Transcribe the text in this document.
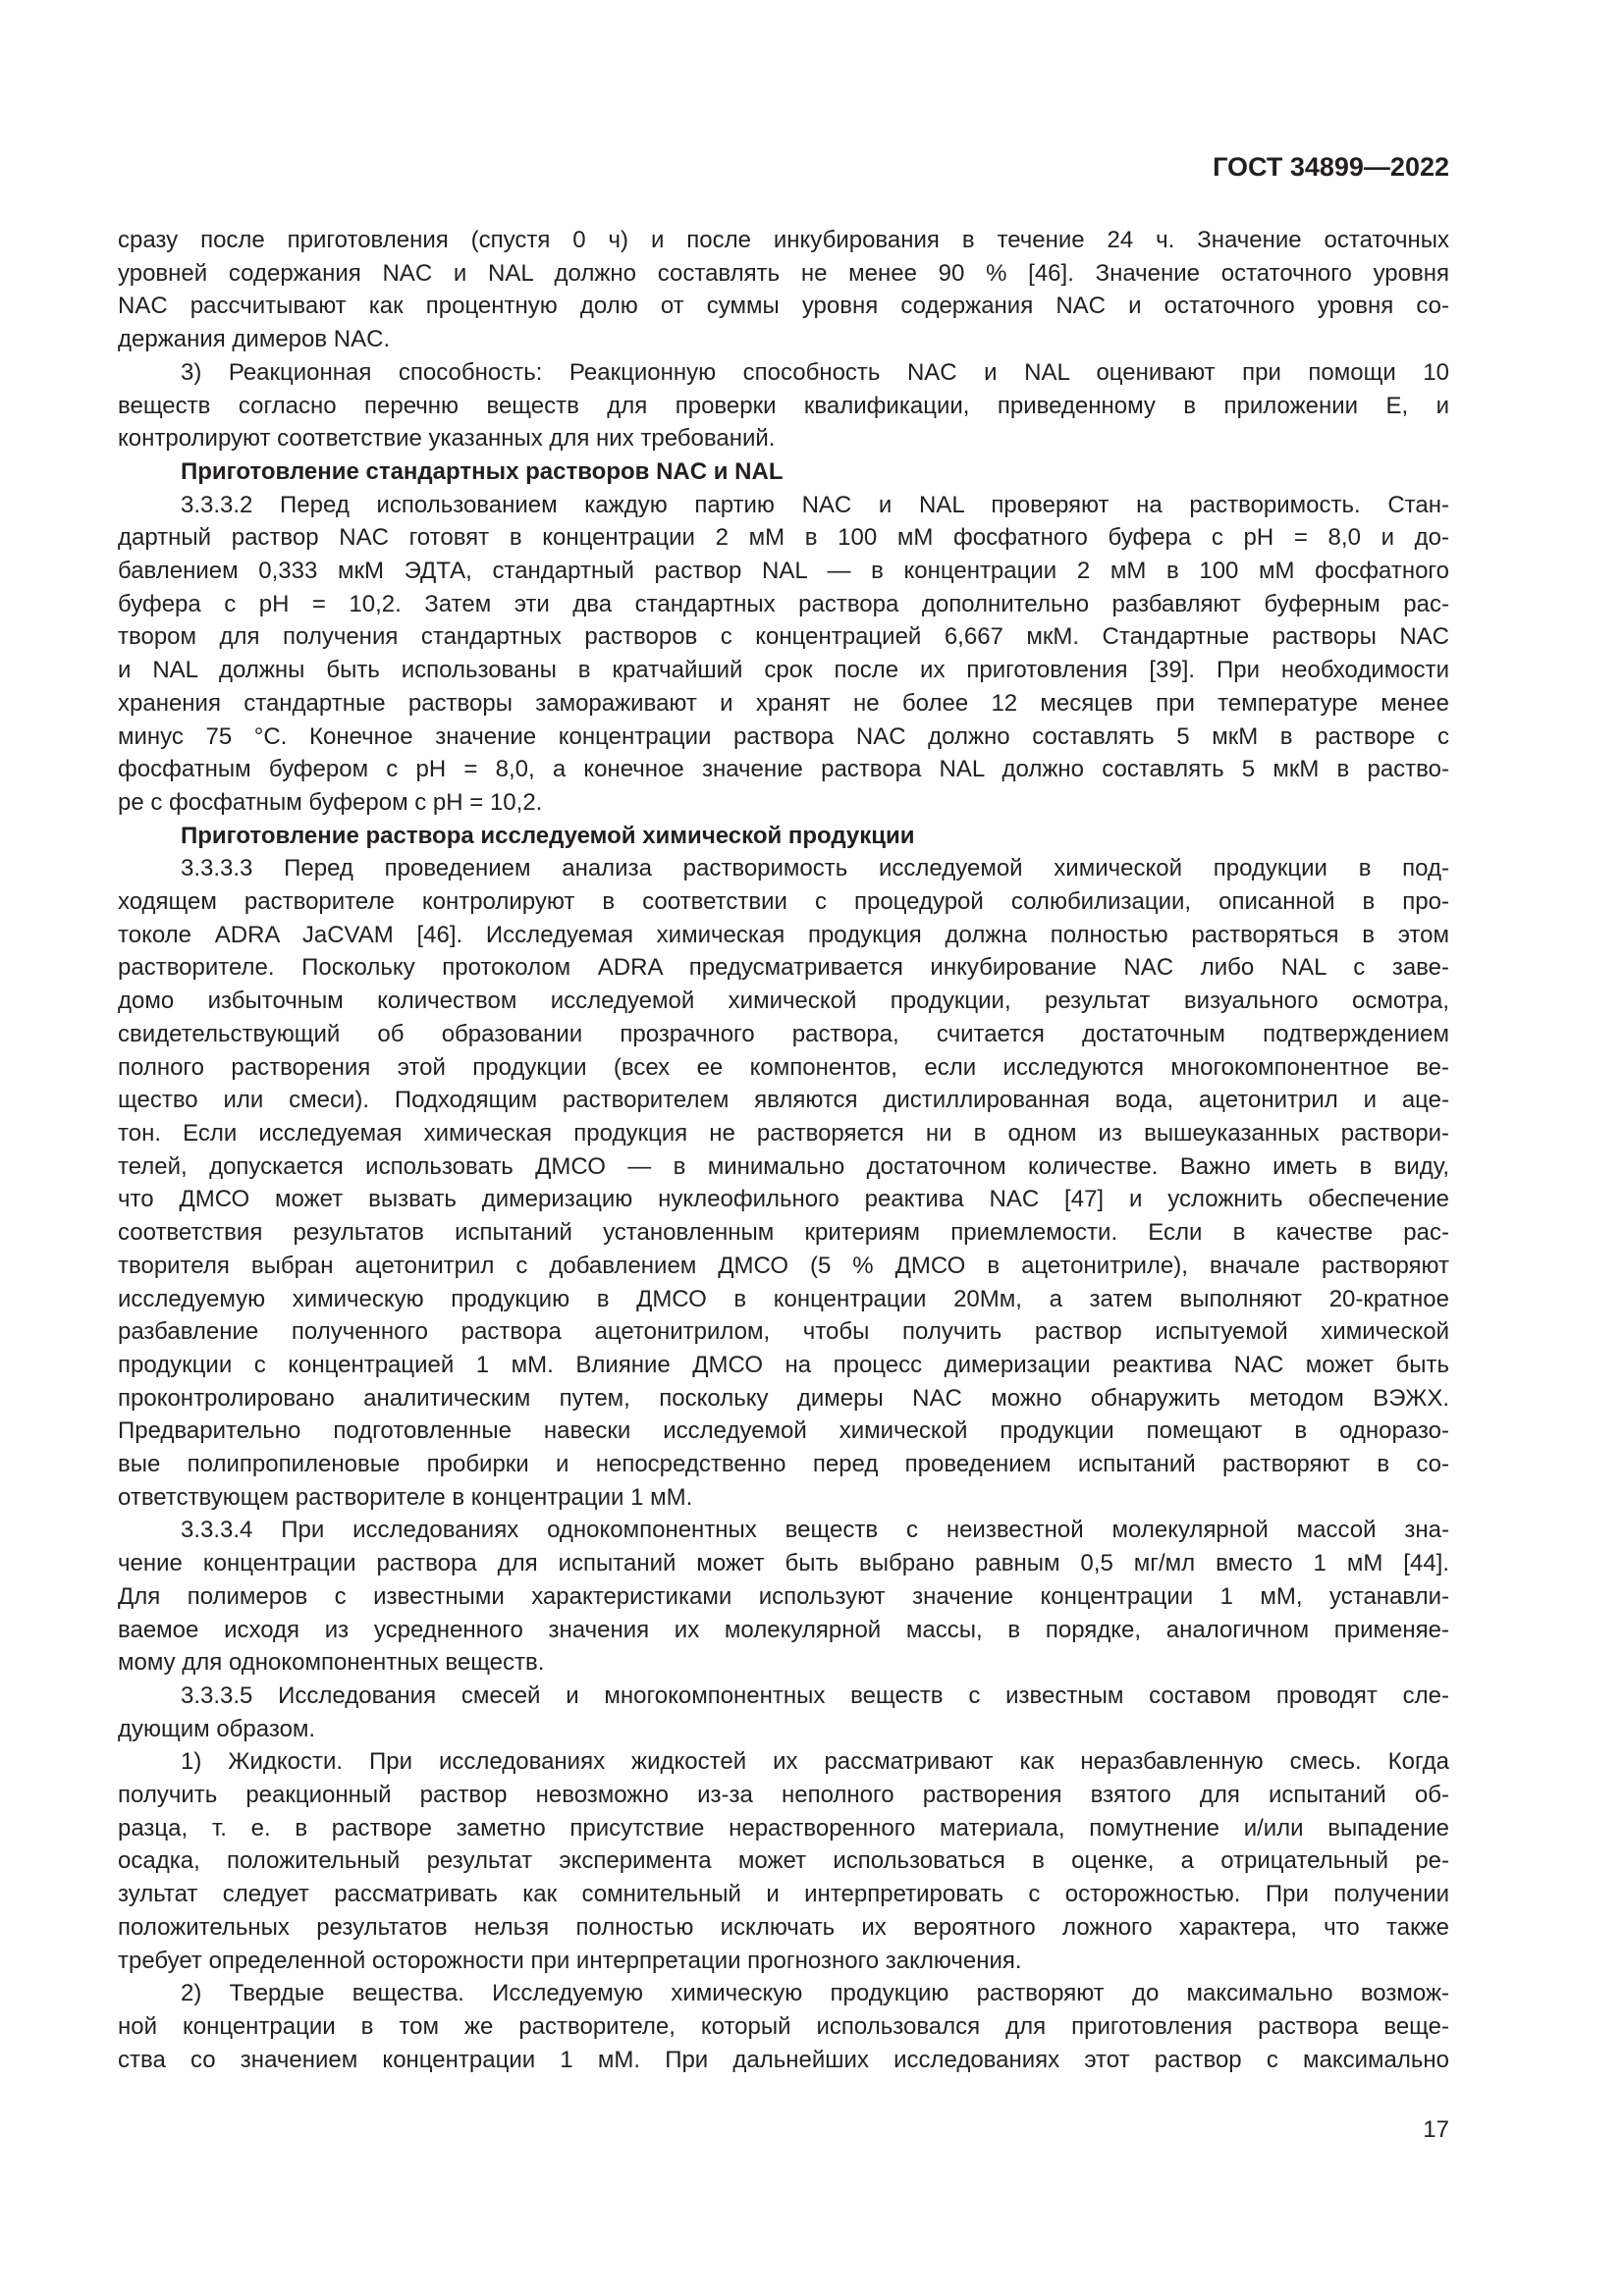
ГОСТ 34899—2022

сразу после приготовления (спустя 0 ч) и после инкубирования в течение 24 ч. Значение остаточных
уровней содержания NAC и NAL должно составлять не менее 90 % [46]. Значение остаточного уровня
NAC рассчитывают как процентную долю от суммы уровня содержания NAC и остаточного уровня со-
держания димеров NAC.

3) Реакционная способность: Реакционную способность NAC и NAL оценивают при помощи 10
веществ согласно перечню веществ для проверки квалификации, приведенному в приложении Е, и
контролируют соответствие указанных для них требований.

Приготовление стандартных растворов NAC и NAL

3.3.3.2 Перед использованием каждую партию NAC и NAL проверяют на растворимость. Стан-
дартный раствор NAC готовят в концентрации 2 мМ в 100 мМ фосфатного буфера с рН = 8,0 и до-
бавлением 0,333 мкМ ЭДТА, стандартный раствор NAL — в концентрации 2 мМ в 100 мМ фосфатного
буфера с рН = 10,2. Затем эти два стандартных раствора дополнительно разбавляют буферным рас-
твором для получения стандартных растворов с концентрацией 6,667 мкМ. Стандартные растворы NAC
и NAL должны быть использованы в кратчайший срок после их приготовления [39]. При необходимости
хранения стандартные растворы замораживают и хранят не более 12 месяцев при температуре менее
минус 75 °С. Конечное значение концентрации раствора NAC должно составлять 5 мкМ в растворе с
фосфатным буфером с рН = 8,0, а конечное значение раствора NAL должно составлять 5 мкМ в раство-
ре с фосфатным буфером с рН = 10,2.

Приготовление раствора исследуемой химической продукции

3.3.3.3 Перед проведением анализа растворимость исследуемой химической продукции в под-
ходящем растворителе контролируют в соответствии с процедурой солюбилизации, описанной в про-
токоле ADRA JaCVAM [46]. Исследуемая химическая продукция должна полностью растворяться в этом
растворителе. Поскольку протоколом ADRA предусматривается инкубирование NAC либо NAL с заве-
домо избыточным количеством исследуемой химической продукции, результат визуального осмотра,
свидетельствующий об образовании прозрачного раствора, считается достаточным подтверждением
полного растворения этой продукции (всех ее компонентов, если исследуются многокомпонентное ве-
щество или смеси). Подходящим растворителем являются дистиллированная вода, ацетонитрил и аце-
тон. Если исследуемая химическая продукция не растворяется ни в одном из вышеуказанных раствори-
телей, допускается использовать ДМСО — в минимально достаточном количестве. Важно иметь в виду,
что ДМСО может вызвать димеризацию нуклеофильного реактива NAC [47] и усложнить обеспечение
соответствия результатов испытаний установленным критериям приемлемости. Если в качестве рас-
творителя выбран ацетонитрил с добавлением ДМСО (5 % ДМСО в ацетонитриле), вначале растворяют
исследуемую химическую продукцию в ДМСО в концентрации 20Мм, а затем выполняют 20-кратное
разбавление полученного раствора ацетонитрилом, чтобы получить раствор испытуемой химической
продукции с концентрацией 1 мМ. Влияние ДМСО на процесс димеризации реактива NAC может быть
проконтролировано аналитическим путем, поскольку димеры NAC можно обнаружить методом ВЭЖХ.
Предварительно подготовленные навески исследуемой химической продукции помещают в одноразо-
вые полипропиленовые пробирки и непосредственно перед проведением испытаний растворяют в со-
ответствующем растворителе в концентрации 1 мМ.

3.3.3.4 При исследованиях однокомпонентных веществ с неизвестной молекулярной массой зна-
чение концентрации раствора для испытаний может быть выбрано равным 0,5 мг/мл вместо 1 мМ [44].
Для полимеров с известными характеристиками используют значение концентрации 1 мМ, устанавли-
ваемое исходя из усредненного значения их молекулярной массы, в порядке, аналогичном применяе-
мому для однокомпонентных веществ.

3.3.3.5 Исследования смесей и многокомпонентных веществ с известным составом проводят сле-
дующим образом.

1) Жидкости. При исследованиях жидкостей их рассматривают как неразбавленную смесь. Когда
получить реакционный раствор невозможно из-за неполного растворения взятого для испытаний об-
разца, т. е. в растворе заметно присутствие нерастворенного материала, помутнение и/или выпадение
осадка, положительный результат эксперимента может использоваться в оценке, а отрицательный ре-
зультат следует рассматривать как сомнительный и интерпретировать с осторожностью. При получении
положительных результатов нельзя полностью исключать их вероятного ложного характера, что также
требует определенной осторожности при интерпретации прогнозного заключения.

2) Твердые вещества. Исследуемую химическую продукцию растворяют до максимально возмож-
ной концентрации в том же растворителе, который использовался для приготовления раствора веще-
ства со значением концентрации 1 мМ. При дальнейших исследованиях этот раствор с максимально

17
